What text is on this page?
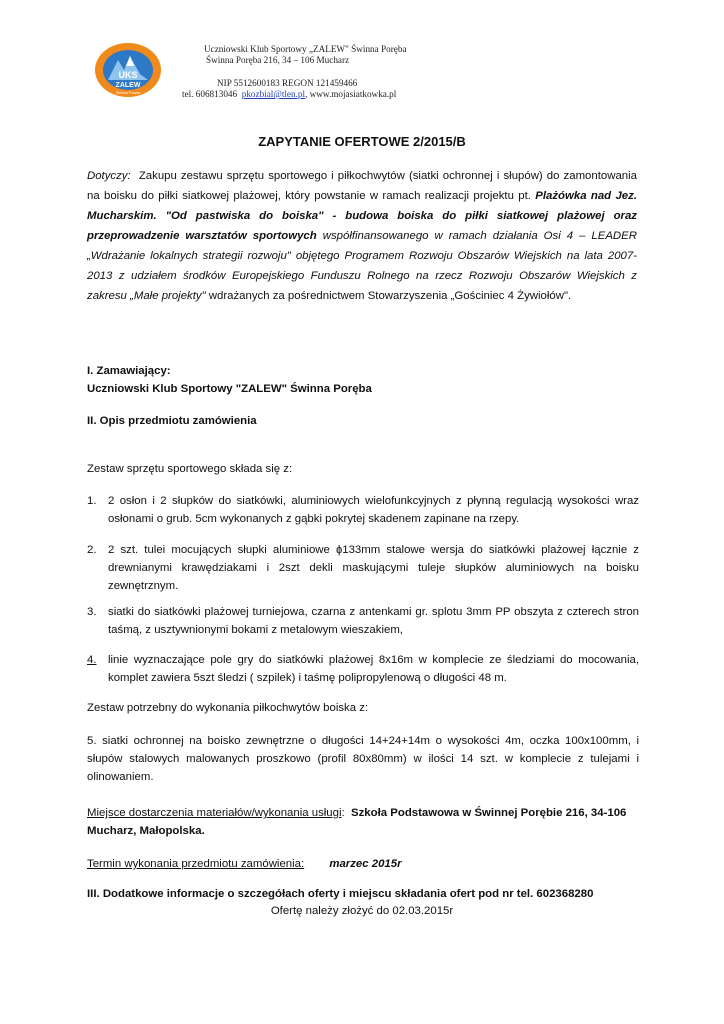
UKS
ZALEW
Świnna Poręba
Uczniowski Klub Sportowy „ZALEW" Świnna Poręba
Świnna Poręba 216, 34 – 106 Mucharz
NIP 5512600183 REGON 121459466
tel. 606813046 pkozbial@tlen.pl, www.mojasiatkowka.pl
ZAPYTANIE OFERTOWE 2/2015/B
Dotyczy: Zakupu zestawu sprzętu sportowego i piłkochwytów (siatki ochronnej i słupów) do zamontowania na boisku do piłki siatkowej plażowej, który powstanie w ramach realizacji projektu pt. Plażówka nad Jez. Mucharskim. "Od pastwiska do boiska" - budowa boiska do piłki siatkowej plażowej oraz przeprowadzenie warsztatów sportowych współfinansowanego w ramach działania Osi 4 – LEADER „Wdrażanie lokalnych strategii rozwoju" objętego Programem Rozwoju Obszarów Wiejskich na lata 2007-2013 z udziałem środków Europejskiego Funduszu Rolnego na rzecz Rozwoju Obszarów Wiejskich z zakresu „Małe projekty" wdrażanych za pośrednictwem Stowarzyszenia „Gościniec 4 Żywiołów".
I. Zamawiający:
Uczniowski Klub Sportowy "ZALEW" Świnna Poręba
II. Opis przedmiotu zamówienia
Zestaw sprzętu sportowego składa się z:
1. 2 osłon i 2 słupków do siatkówki, aluminiowych wielofunkcyjnych z płynną regulacją wysokości wraz osłonami o grub. 5cm wykonanych z gąbki pokrytej skadenem zapinane na rzepy.
2. 2 szt. tulei mocujących słupki aluminiowe ɸ133mm stalowe wersja do siatkówki plażowej łącznie z drewnianymi krawędziakami i 2szt dekli maskującymi tuleje słupków aluminiowych na boisku zewnętrznym.
3. siatki do siatkówki plażowej turniejowa, czarna z antenkami gr. splotu 3mm PP obszyta z czterech stron taśmą, z usztywnionymi bokami z metalowym wieszakiem,
4. linie wyznaczające pole gry do siatkówki plażowej 8x16m w komplecie ze śledziami do mocowania, komplet zawiera 5szt śledzi ( szpilek) i taśmę polipropylenową o długości 48 m.
Zestaw potrzebny do wykonania piłkochwytów boiska z:
5. siatki ochronnej na boisko zewnętrzne o długości 14+24+14m o wysokości 4m, oczka 100x100mm, i słupów stalowych malowanych proszkowo (profil 80x80mm) w ilości 14 szt. w komplecie z tulejami i olinowaniem.
Miejsce dostarczenia materiałów/wykonania usługi:  Szkoła Podstawowa w Świnnej Porębie 216, 34-106 Mucharz, Małopolska.
Termin wykonania przedmiotu zamówienia: marzec 2015r
III. Dodatkowe informacje o szczegółach oferty i miejscu składania ofert pod nr tel. 602368280
Ofertę należy złożyć do 02.03.2015r
